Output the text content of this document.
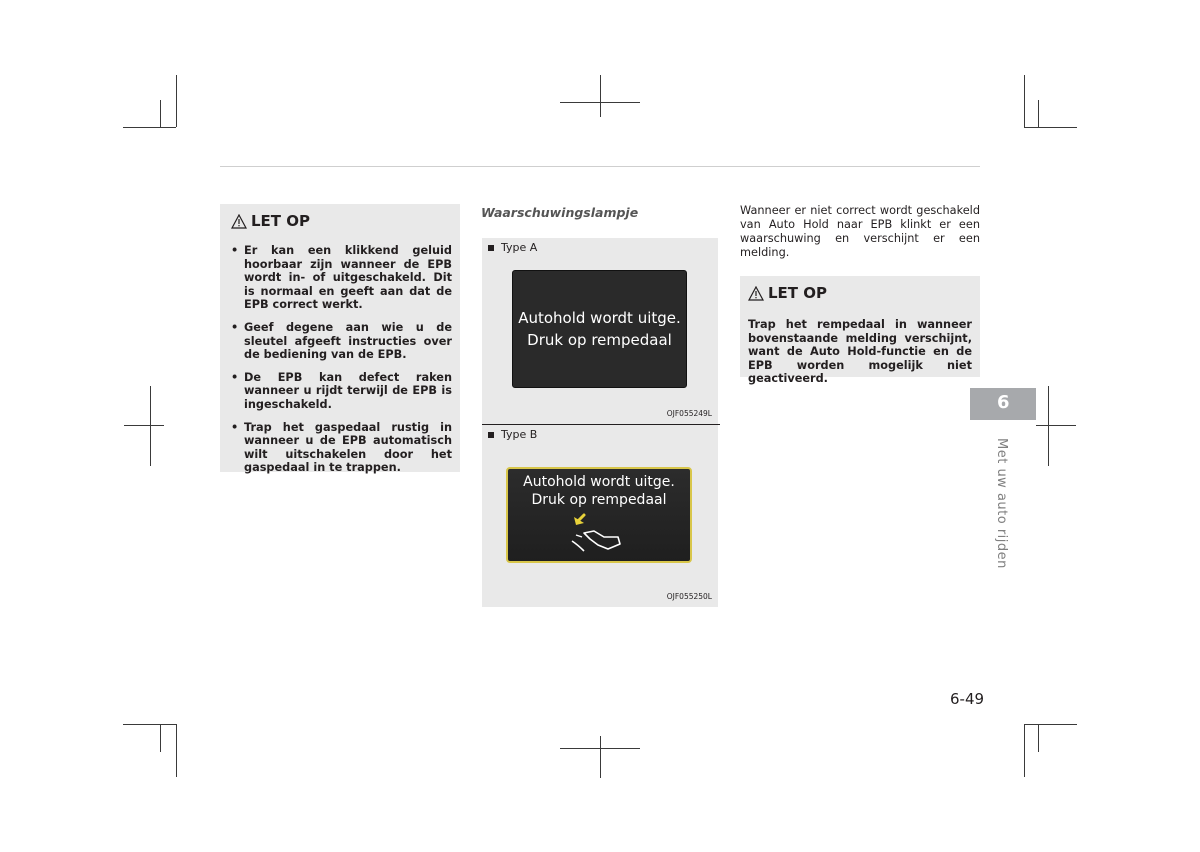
LET OP
• Er kan een klikkend geluid hoorbaar zijn wanneer de EPB wordt in- of uitgeschakeld. Dit is normaal en geeft aan dat de EPB correct werkt.
• Geef degene aan wie u de sleutel afgeeft instructies over de bediening van de EPB.
• De EPB kan defect raken wanneer u rijdt terwijl de EPB is ingeschakeld.
• Trap het gaspedaal rustig in wanneer u de EPB automatisch wilt uitschakelen door het gaspedaal in te trappen.
Waarschuwingslampje
Type A
Autohold wordt uitge.
Druk op rempedaal
OJF055249L
Type B
Autohold wordt uitge.
Druk op rempedaal
OJF055250L
Wanneer er niet correct wordt geschakeld van Auto Hold naar EPB klinkt er een waarschuwing en verschijnt er een melding.
LET OP

Trap het rempedaal in wanneer bovenstaande melding verschijnt, want de Auto Hold-functie en de EPB worden mogelijk niet geactiveerd.

6
Met uw auto rijden
6-49
